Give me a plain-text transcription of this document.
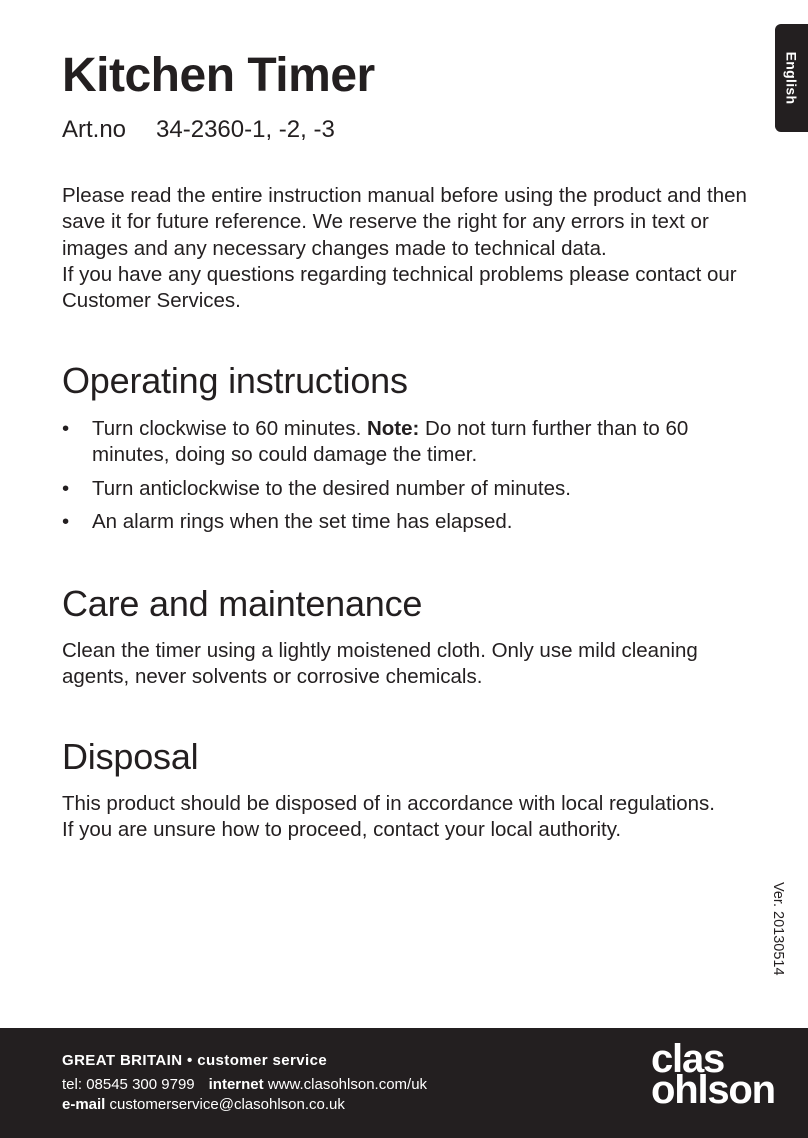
English
Kitchen Timer
Art.no 34-2360-1, -2, -3

Please read the entire instruction manual before using the product and then save it for future reference. We reserve the right for any errors in text or images and any necessary changes made to technical data.

If you have any questions regarding technical problems please contact our Customer Services.

Operating instructions
• Turn clockwise to 60 minutes. Note: Do not turn further than to 60 minutes, doing so could damage the timer.
• Turn anticlockwise to the desired number of minutes.
• An alarm rings when the set time has elapsed.
Care and maintenance

Clean the timer using a lightly moistened cloth. Only use mild cleaning agents, never solvents or corrosive chemicals.

Disposal
This product should be disposed of in accordance with local regulations.
If you are unsure how to proceed, contact your local authority.
Ver. 20130514
GREAT BRITAIN • customer service
tel: 08545 300 9799 internet www.clasohlson.com/uk
e-mail customerservice@clasohlson.co.uk
clas
ohlson
